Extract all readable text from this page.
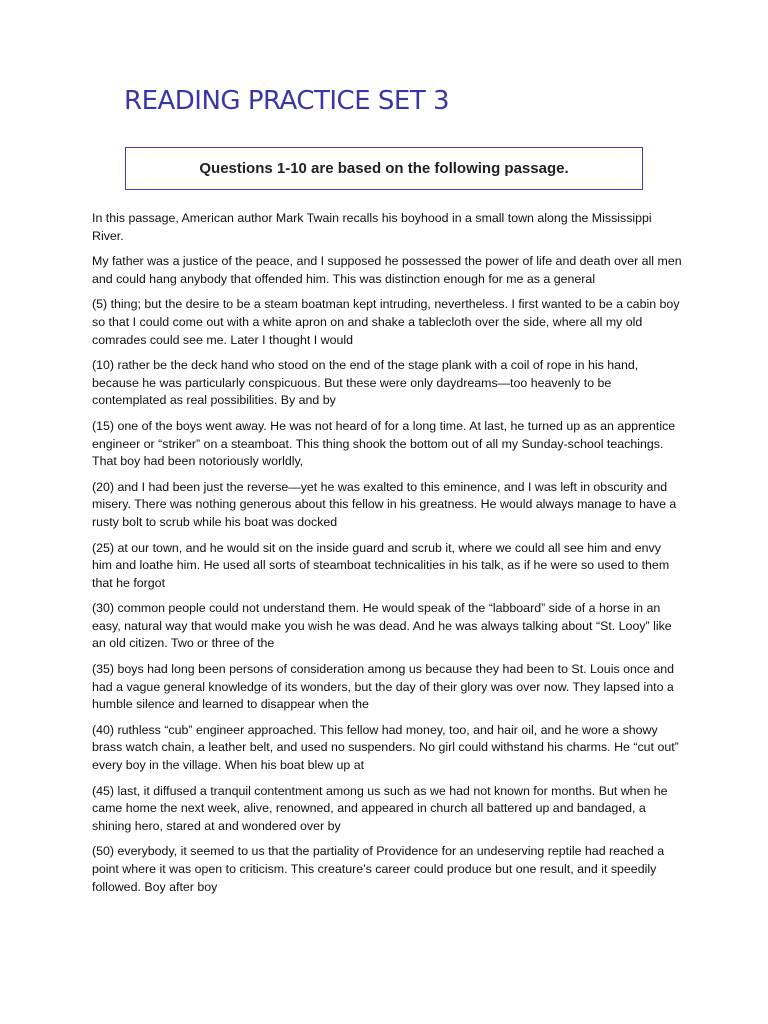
READING PRACTICE SET 3
Questions 1-10 are based on the following passage.

In this passage, American author Mark Twain recalls his boyhood in a small town along the Mississippi River.

My father was a justice of the peace, and I supposed he possessed the power of life and death over all men and could hang anybody that offended him. This was distinction enough for me as a general

(5) thing; but the desire to be a steam boatman kept intruding, nevertheless. I first wanted to be a cabin boy so that I could come out with a white apron on and shake a tablecloth over the side, where all my old comrades could see me. Later I thought I would

(10) rather be the deck hand who stood on the end of the stage plank with a coil of rope in his hand, because he was particularly conspicuous. But these were only daydreams—too heavenly to be contemplated as real possibilities. By and by

(15) one of the boys went away. He was not heard of for a long time. At last, he turned up as an apprentice engineer or “striker” on a steamboat. This thing shook the bottom out of all my Sunday-school teachings. That boy had been notoriously worldly,

(20) and I had been just the reverse—yet he was exalted to this eminence, and I was left in obscurity and misery. There was nothing generous about this fellow in his greatness. He would always manage to have a rusty bolt to scrub while his boat was docked

(25) at our town, and he would sit on the inside guard and scrub it, where we could all see him and envy him and loathe him. He used all sorts of steamboat technicalities in his talk, as if he were so used to them that he forgot

(30) common people could not understand them. He would speak of the “labboard” side of a horse in an easy, natural way that would make you wish he was dead. And he was always talking about “St. Looy” like an old citizen. Two or three of the

(35) boys had long been persons of consideration among us because they had been to St. Louis once and had a vague general knowledge of its wonders, but the day of their glory was over now. They lapsed into a humble silence and learned to disappear when the

(40) ruthless “cub” engineer approached. This fellow had money, too, and hair oil, and he wore a showy brass watch chain, a leather belt, and used no suspenders. No girl could withstand his charms. He “cut out” every boy in the village. When his boat blew up at

(45) last, it diffused a tranquil contentment among us such as we had not known for months. But when he came home the next week, alive, renowned, and appeared in church all battered up and bandaged, a shining hero, stared at and wondered over by

(50) everybody, it seemed to us that the partiality of Providence for an undeserving reptile had reached a point where it was open to criticism. This creature’s career could produce but one result, and it speedily followed. Boy after boy
